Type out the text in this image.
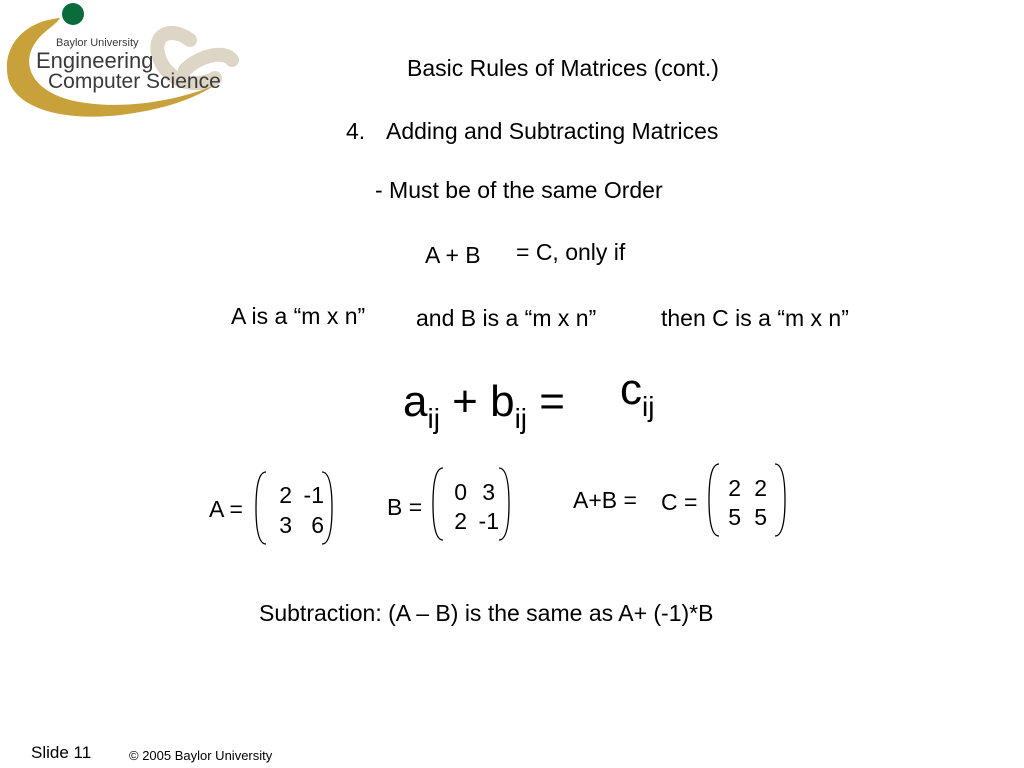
Baylor University
Engineering
Computer Science
Basic Rules of Matrices (cont.)
4. Adding and Subtracting Matrices
- Must be of the same Order
A + B = C, only if
A is a “m x n” and B is a “m x n”	then C is a “m x n”
$a_{ij} + b_{ij} = c_{ij}$
A =
2 -1
3 6
B =
0 3
2 -1
A+B = C =
2 2
5 5
Subtraction: (A – B) is the same as A+ (-1)*B
Slide 11	© 2005 Baylor University
